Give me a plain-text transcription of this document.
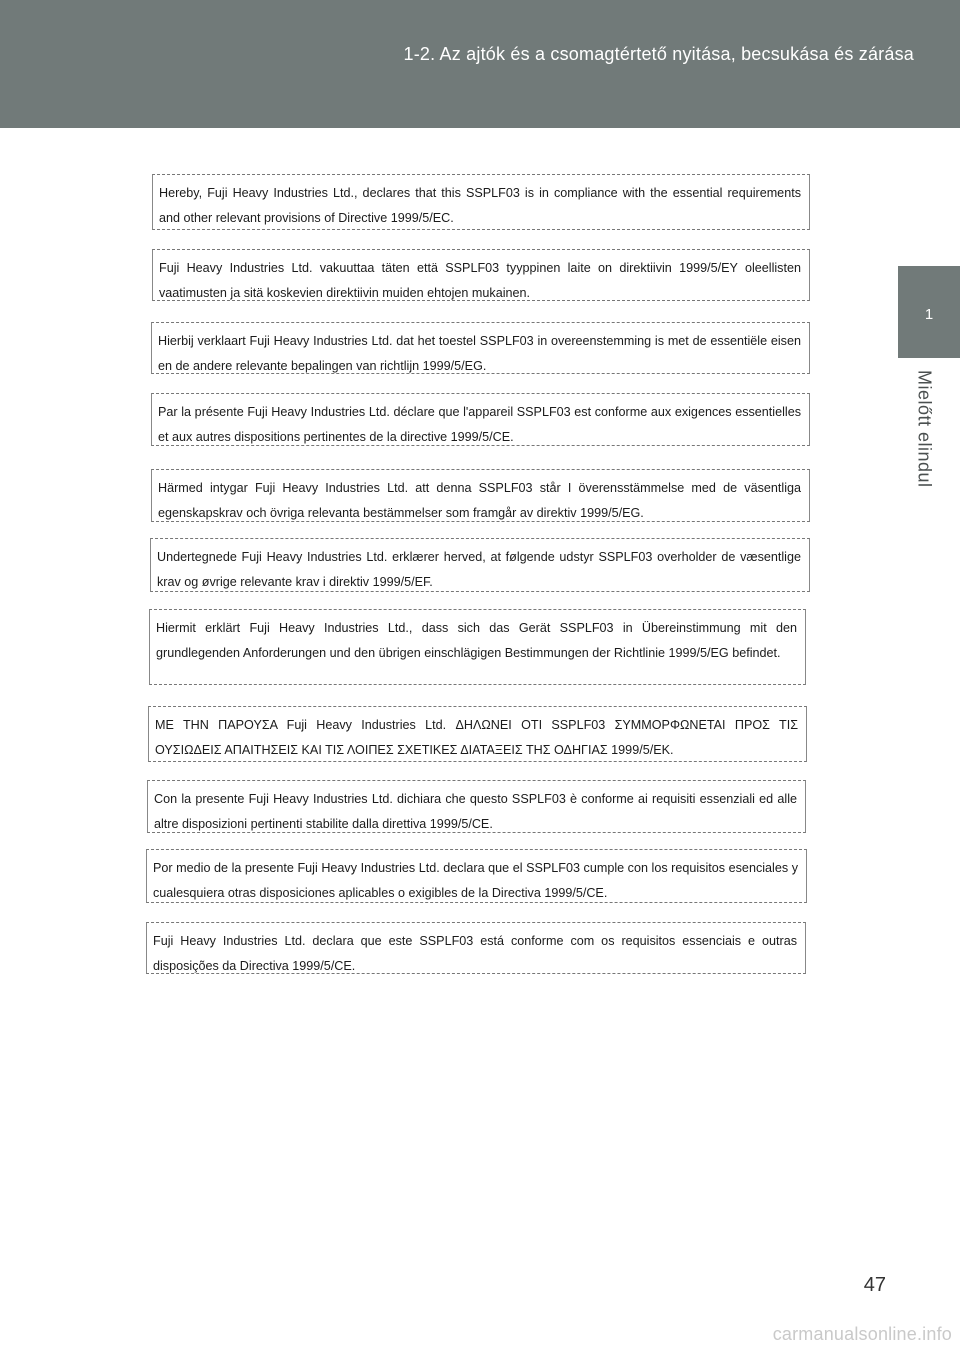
1-2. Az ajtók és a csomagtértető nyitása, becsukása és zárása
1
Mielőtt elindul
Hereby, Fuji Heavy Industries Ltd., declares that this SSPLF03 is in compliance with the essential requirements and other relevant provisions of Directive 1999/5/EC.
Fuji Heavy Industries Ltd. vakuuttaa täten että SSPLF03 tyyppinen laite on direktiivin 1999/5/EY oleellisten vaatimusten ja sitä koskevien direktiivin muiden ehtojen mukainen.
Hierbij verklaart Fuji Heavy Industries Ltd. dat het toestel SSPLF03 in overeenstemming is met de essentiële eisen en de andere relevante bepalingen van richtlijn 1999/5/EG.
Par la présente Fuji Heavy Industries Ltd. déclare que l'appareil SSPLF03 est conforme aux exigences essentielles et aux autres dispositions pertinentes de la directive 1999/5/CE.
Härmed intygar Fuji Heavy Industries Ltd. att denna SSPLF03 står I överensstämmelse med de väsentliga egenskapskrav och övriga relevanta bestämmelser som framgår av direktiv 1999/5/EG.
Undertegnede Fuji Heavy Industries Ltd. erklærer herved, at følgende udstyr SSPLF03 overholder de væsentlige krav og øvrige relevante krav i direktiv 1999/5/EF.
Hiermit erklärt Fuji Heavy Industries Ltd., dass sich das Gerät SSPLF03 in Übereinstimmung mit den grundlegenden Anforderungen und den übrigen einschlägigen Bestimmungen der Richtlinie 1999/5/EG befindet.
ΜΕ ΤΗΝ ΠΑΡΟΥΣΑ Fuji Heavy Industries Ltd. ΔΗΛΩΝΕΙ ΟΤΙ SSPLF03 ΣΥΜΜΟΡΦΩΝΕΤΑΙ ΠΡΟΣ ΤΙΣ ΟΥΣΙΩΔΕΙΣ ΑΠΑΙΤΗΣΕΙΣ ΚΑΙ ΤΙΣ ΛΟΙΠΕΣ ΣΧΕΤΙΚΕΣ ΔΙΑΤΑΞΕΙΣ ΤΗΣ ΟΔΗΓΙΑΣ 1999/5/ΕΚ.
Con la presente Fuji Heavy Industries Ltd. dichiara che questo SSPLF03 è conforme ai requisiti essenziali ed alle altre disposizioni pertinenti stabilite dalla direttiva 1999/5/CE.
Por medio de la presente Fuji Heavy Industries Ltd. declara que el SSPLF03 cumple con los requisitos esenciales y cualesquiera otras disposiciones aplicables o exigibles de la Directiva 1999/5/CE.
Fuji Heavy Industries Ltd. declara que este SSPLF03 está conforme com os requisitos essenciais e outras disposições da Directiva 1999/5/CE.
47
carmanualsonline.info
